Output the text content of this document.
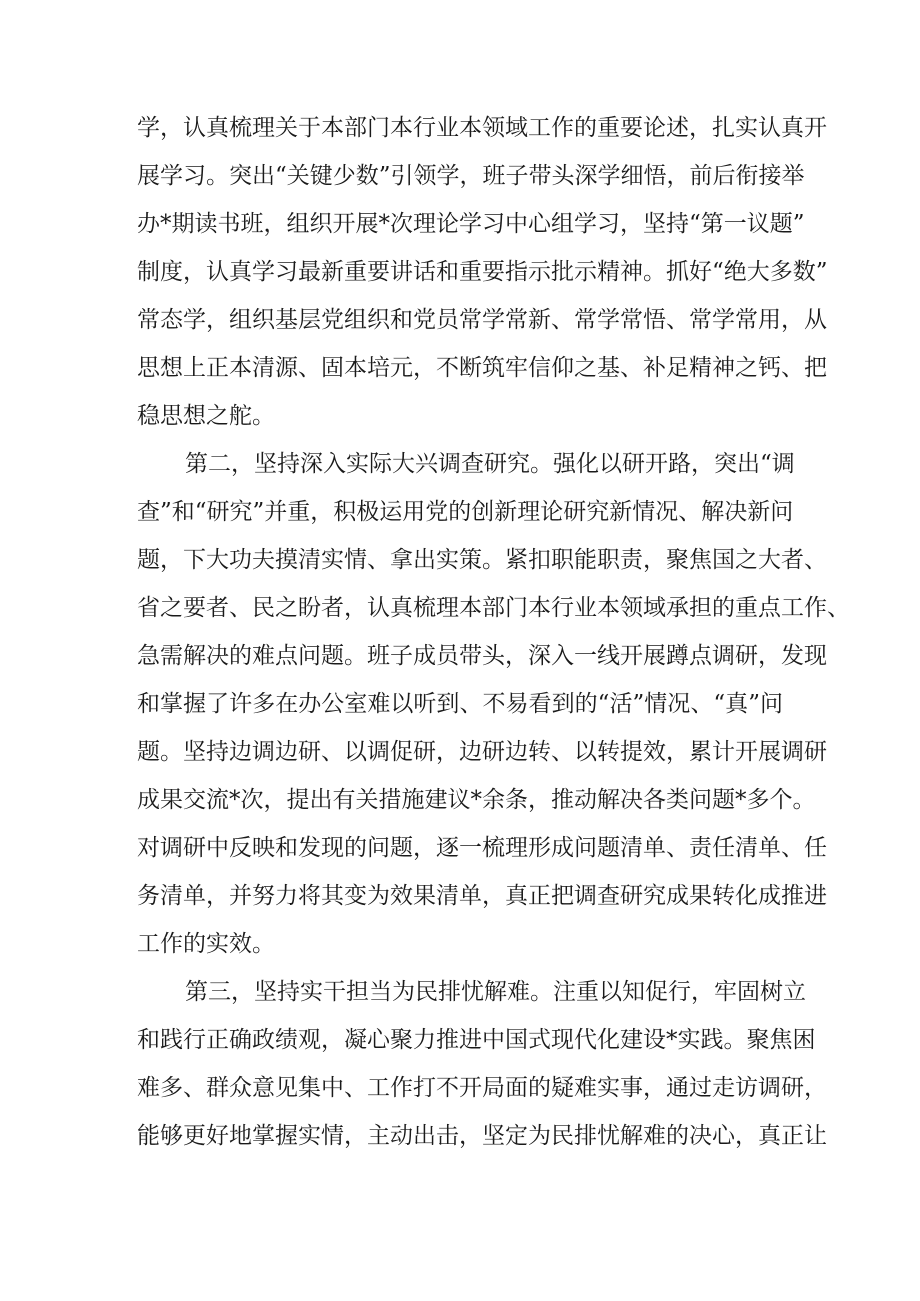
学，认真梳理关于本部门本行业本领域工作的重要论述，扎实认真开
展学习。突出“关键少数”引领学，班子带头深学细悟，前后衔接举
办*期读书班，组织开展*次理论学习中心组学习，坚持“第一议题”
制度，认真学习最新重要讲话和重要指示批示精神。抓好“绝大多数”
常态学，组织基层党组织和党员常学常新、常学常悟、常学常用，从
思想上正本清源、固本培元，不断筑牢信仰之基、补足精神之钙、把
稳思想之舵。
第二，坚持深入实际大兴调查研究。强化以研开路，突出“调
查”和“研究”并重，积极运用党的创新理论研究新情况、解决新问
题，下大功夫摸清实情、拿出实策。紧扣职能职责，聚焦国之大者、
省之要者、民之盼者，认真梳理本部门本行业本领域承担的重点工作、
急需解决的难点问题。班子成员带头，深入一线开展蹲点调研，发现
和掌握了许多在办公室难以听到、不易看到的“活”情况、“真”问
题。坚持边调边研、以调促研，边研边转、以转提效，累计开展调研
成果交流*次，提出有关措施建议*余条，推动解决各类问题*多个。
对调研中反映和发现的问题，逐一梳理形成问题清单、责任清单、任
务清单，并努力将其变为效果清单，真正把调查研究成果转化成推进
工作的实效。
第三，坚持实干担当为民排忧解难。注重以知促行，牢固树立
和践行正确政绩观，凝心聚力推进中国式现代化建设*实践。聚焦困
难多、群众意见集中、工作打不开局面的疑难实事，通过走访调研，
能够更好地掌握实情，主动出击，坚定为民排忧解难的决心，真正让
